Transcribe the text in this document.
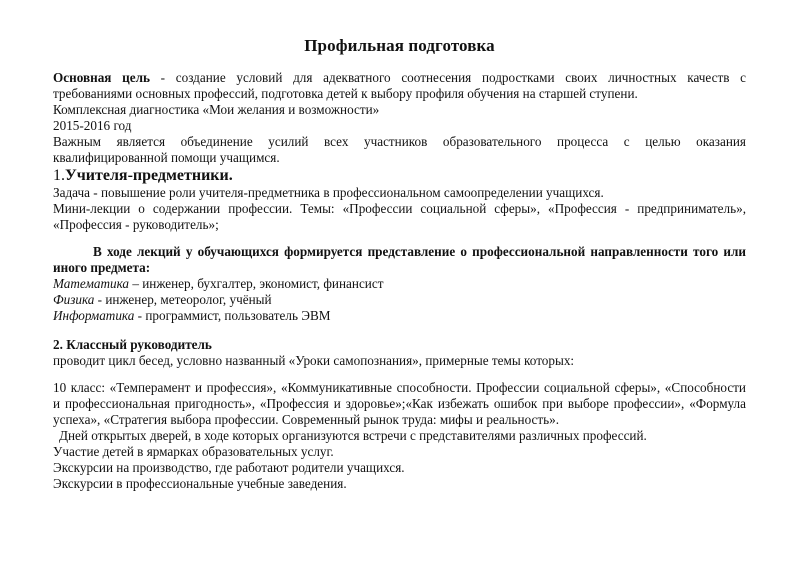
Профильная подготовка
Основная цель - создание условий для адекватного соотнесения подростками своих личностных качеств с
требованиями основных профессий, подготовка детей к выбору профиля обучения на старшей ступени.
Комплексная диагностика «Мои желания и возможности»
2015-2016 год
Важным является объединение усилий всех участников образовательного процесса с целью оказания
квалифицированной помощи учащимся.
1.Учителя-предметники.
Задача - повышение роли учителя-предметника в профессиональном самоопределении учащихся.
Мини-лекции о содержании профессии. Темы: «Профессии социальной сферы», «Профессия - предприниматель»,
«Профессия - руководитель»;
В ходе лекций у обучающихся формируется представление о профессиональной направленности того или
иного предмета:
Математика – инженер, бухгалтер, экономист, финансист
Физика - инженер, метеоролог, учёный
Информатика - программист, пользователь ЭВМ
2. Классный руководитель
проводит цикл бесед, условно названный «Уроки самопознания», примерные темы которых:
10 класс: «Темперамент и профессия», «Коммуникативные способности. Профессии социальной сферы», «Способности
и профессиональная пригодность», «Профессия и здоровье»;«Как избежать ошибок при выборе профессии», «Формула
успеха», «Стратегия выбора профессии. Современный рынок труда: мифы и реальность».
Дней открытых дверей, в ходе которых организуются встречи с представителями различных профессий.
Участие детей в ярмарках образовательных услуг.
Экскурсии на производство, где работают родители учащихся.
Экскурсии в профессиональные учебные заведения.
